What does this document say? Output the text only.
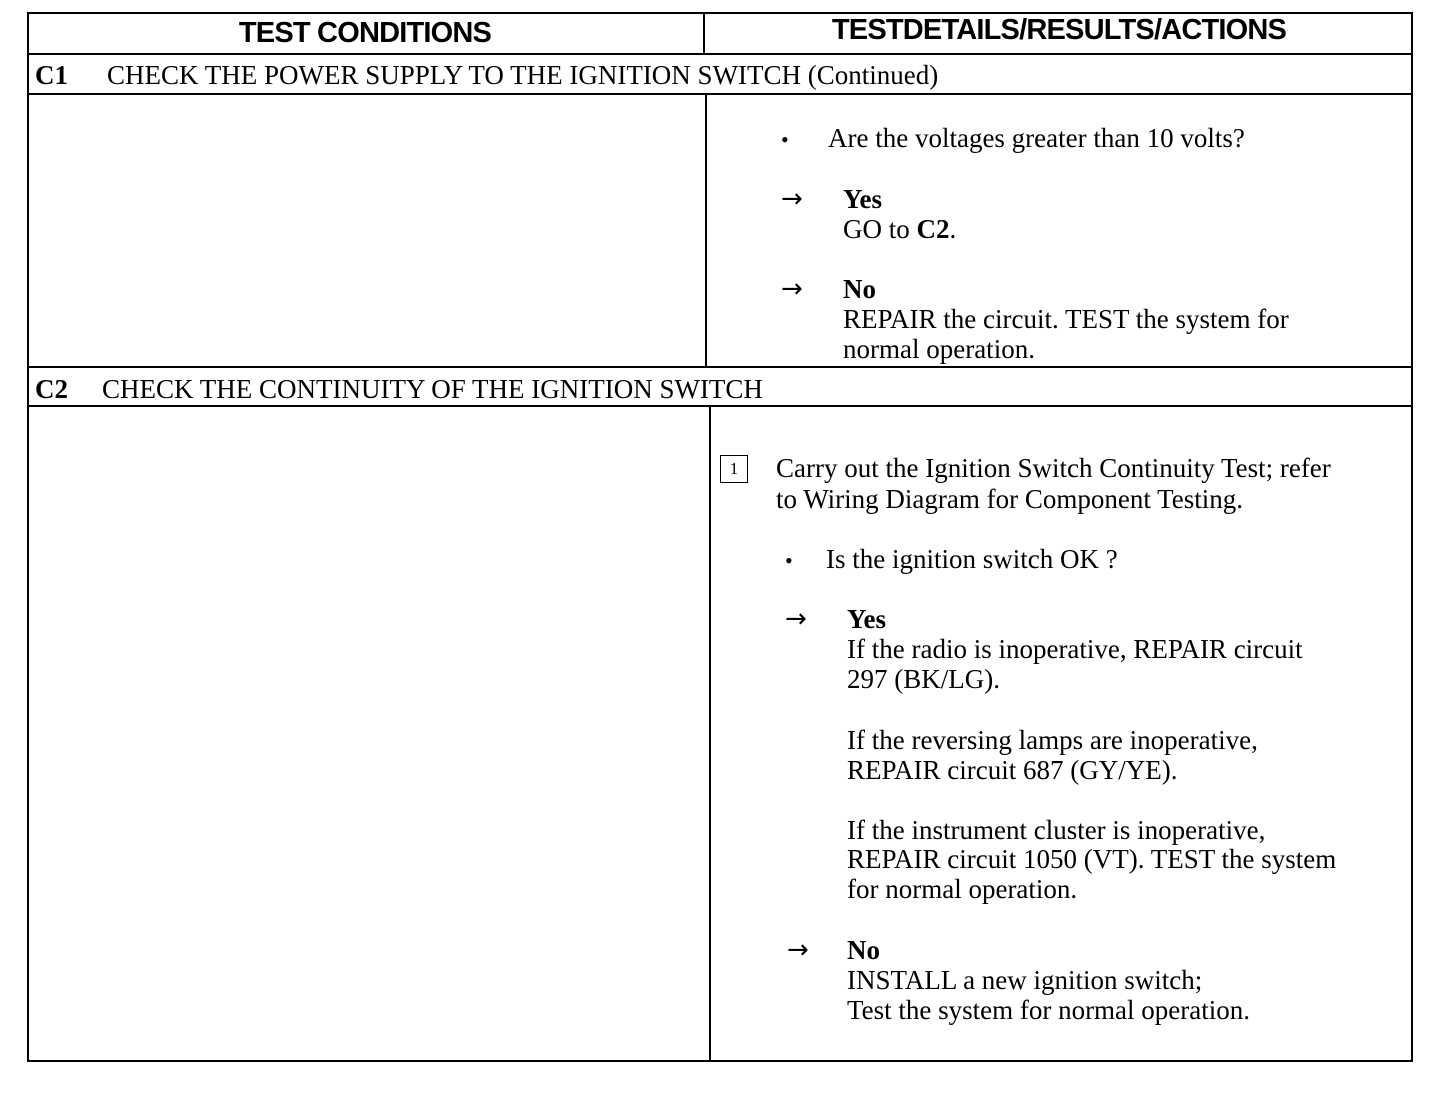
TEST CONDITIONS	TESTDETAILS/RESULTS/ACTIONS
C1 CHECK THE POWER SUPPLY TO THE IGNITION SWITCH (Continued)
• Are the voltages greater than 10 volts?
→ Yes
GO to C2.
→ No
REPAIR the circuit. TEST the system for
normal operation.
C2 CHECK THE CONTINUITY OF THE IGNITION SWITCH
1	Carry out the Ignition Switch Continuity Test; refer
to Wiring Diagram for Component Testing.
• Is the ignition switch OK ?
→ Yes
If the radio is inoperative, REPAIR circuit
297 (BK/LG).
If the reversing lamps are inoperative,
REPAIR circuit 687 (GY/YE).
If the instrument cluster is inoperative,
REPAIR circuit 1050 (VT). TEST the system
for normal operation.
→ No
INSTALL a new ignition switch;
Test the system for normal operation.
